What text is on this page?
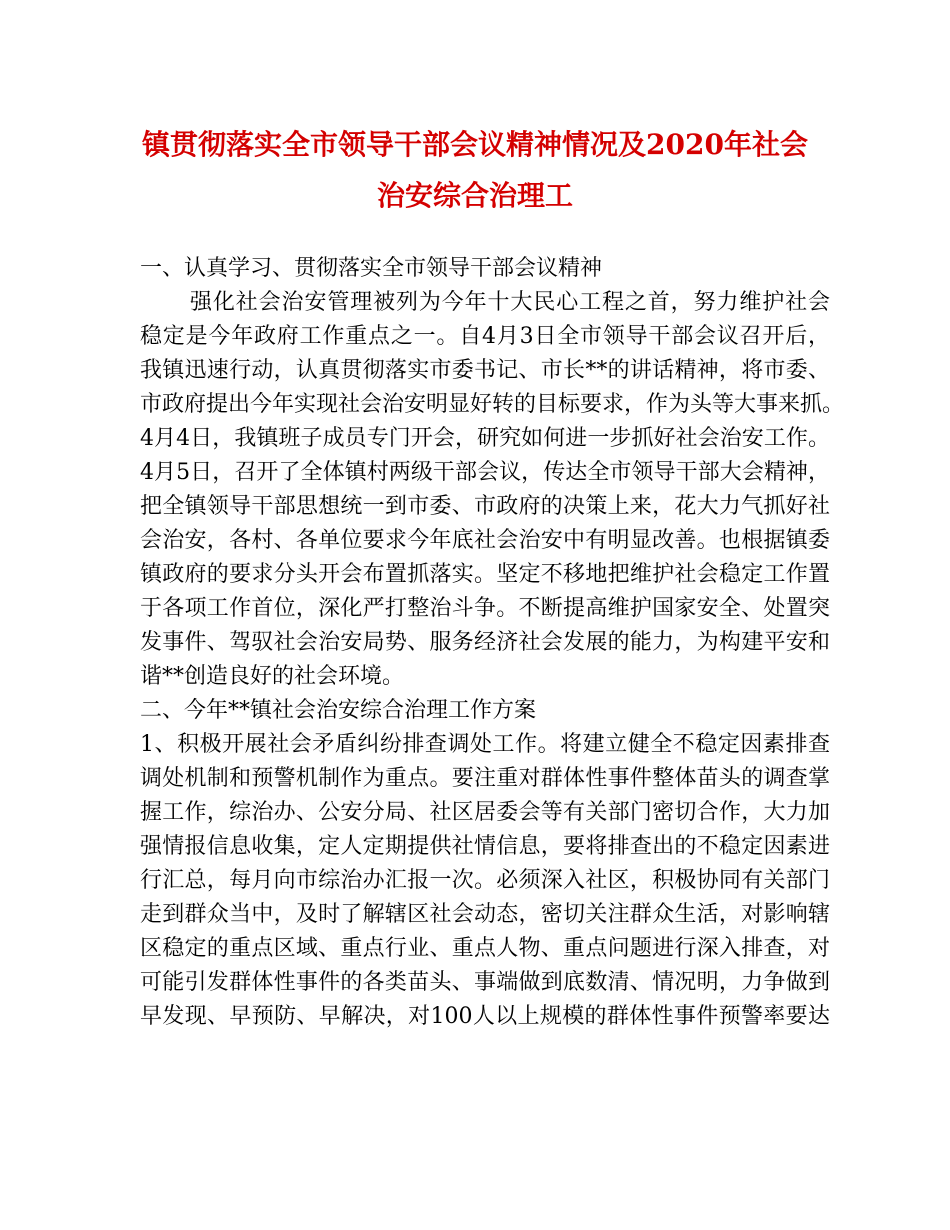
镇贯彻落实全市领导干部会议精神情况及2020年社会
治安综合治理工
一、认真学习、贯彻落实全市领导干部会议精神
强化社会治安管理被列为今年十大民心工程之首，努力维护社会
稳定是今年政府工作重点之一。自4月3日全市领导干部会议召开后，
我镇迅速行动，认真贯彻落实市委书记、市长**的讲话精神，将市委、
市政府提出今年实现社会治安明显好转的目标要求，作为头等大事来抓。
4月4日，我镇班子成员专门开会，研究如何进一步抓好社会治安工作。
4月5日，召开了全体镇村两级干部会议，传达全市领导干部大会精神，
把全镇领导干部思想统一到市委、市政府的决策上来，花大力气抓好社
会治安，各村、各单位要求今年底社会治安中有明显改善。也根据镇委
镇政府的要求分头开会布置抓落实。坚定不移地把维护社会稳定工作置
于各项工作首位，深化严打整治斗争。不断提高维护国家安全、处置突
发事件、驾驭社会治安局势、服务经济社会发展的能力，为构建平安和
谐**创造良好的社会环境。
二、今年**镇社会治安综合治理工作方案
1、积极开展社会矛盾纠纷排查调处工作。将建立健全不稳定因素排查
调处机制和预警机制作为重点。要注重对群体性事件整体苗头的调查掌
握工作，综治办、公安分局、社区居委会等有关部门密切合作，大力加
强情报信息收集，定人定期提供社情信息，要将排查出的不稳定因素进
行汇总，每月向市综治办汇报一次。必须深入社区，积极协同有关部门
走到群众当中，及时了解辖区社会动态，密切关注群众生活，对影响辖
区稳定的重点区域、重点行业、重点人物、重点问题进行深入排查，对
可能引发群体性事件的各类苗头、事端做到底数清、情况明，力争做到
早发现、早预防、早解决，对100人以上规模的群体性事件预警率要达
